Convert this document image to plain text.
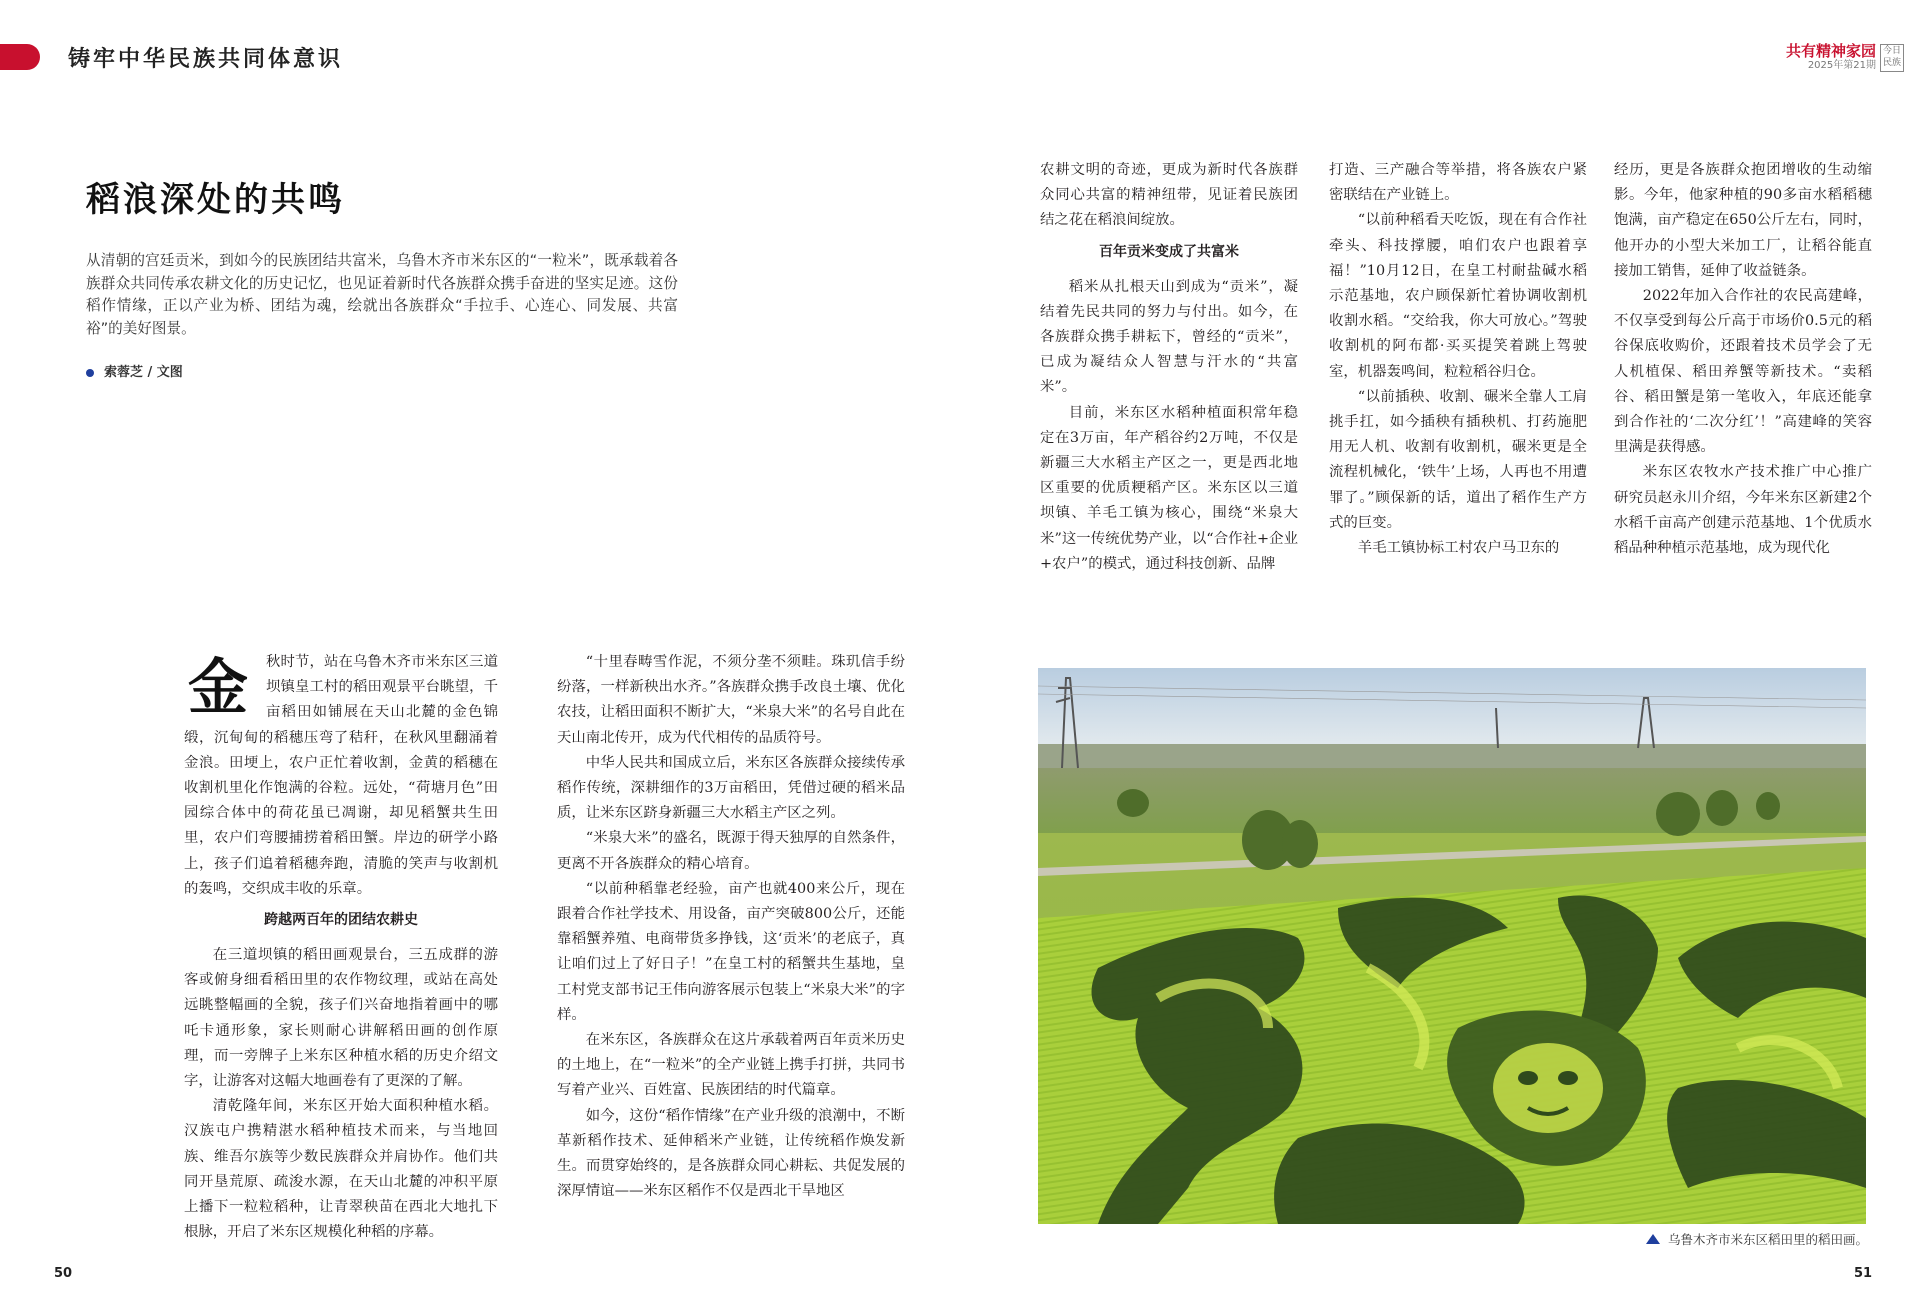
铸牢中华民族共同体意识	共有精神家园
2025年第21期
今日
民族
稻浪深处的共鸣
从清朝的宫廷贡米，到如今的民族团结共富米，乌鲁木齐市米东区的“一粒米”，既承载着各族群众共同传承农耕文化的历史记忆，也见证着新时代各族群众携手奋进的坚实足迹。这份稻作情缘，正以产业为桥、团结为魂，绘就出各族群众“手拉手、心连心、同发展、共富裕”的美好图景。
索蓉芝 / 文图

农耕文明的奇迹，更成为新时代各族群众同心共富的精神纽带，见证着民族团结之花在稻浪间绽放。

百年贡米变成了共富米

稻米从扎根天山到成为“贡米”，凝结着先民共同的努力与付出。如今，在各族群众携手耕耘下，曾经的“贡米”，已成为凝结众人智慧与汗水的“共富米”。

目前，米东区水稻种植面积常年稳定在3万亩，年产稻谷约2万吨，不仅是新疆三大水稻主产区之一，更是西北地区重要的优质粳稻产区。米东区以三道坝镇、羊毛工镇为核心，围绕“米泉大米”这一传统优势产业，以“合作社+企业+农户”的模式，通过科技创新、品牌

打造、三产融合等举措，将各族农户紧密联结在产业链上。

“以前种稻看天吃饭，现在有合作社牵头、科技撑腰，咱们农户也跟着享福！”10月12日，在皇工村耐盐碱水稻示范基地，农户顾保新忙着协调收割机收割水稻。“交给我，你大可放心。”驾驶收割机的阿布都·买买提笑着跳上驾驶室，机器轰鸣间，粒粒稻谷归仓。

“以前插秧、收割、碾米全靠人工肩挑手扛，如今插秧有插秧机、打药施肥用无人机、收割有收割机，碾米更是全流程机械化，‘铁牛’上场，人再也不用遭罪了。”顾保新的话，道出了稻作生产方式的巨变。

羊毛工镇协标工村农户马卫东的

经历，更是各族群众抱团增收的生动缩影。今年，他家种植的90多亩水稻稻穗饱满，亩产稳定在650公斤左右，同时，他开办的小型大米加工厂，让稻谷能直接加工销售，延伸了收益链条。

2022年加入合作社的农民高建峰，不仅享受到每公斤高于市场价0.5元的稻谷保底收购价，还跟着技术员学会了无人机植保、稻田养蟹等新技术。“卖稻谷、稻田蟹是第一笔收入，年底还能拿到合作社的‘二次分红’！”高建峰的笑容里满是获得感。

米东区农牧水产技术推广中心推广研究员赵永川介绍，今年米东区新建2个水稻千亩高产创建示范基地、1个优质水稻品种种植示范基地，成为现代化

金 秋时节，站在乌鲁木齐市米东区三道坝镇皇工村的稻田观景平台眺望，千亩稻田如铺展在天山北麓的金色锦缎，沉甸甸的稻穗压弯了秸秆，在秋风里翻涌着金浪。田埂上，农户正忙着收割，金黄的稻穗在收割机里化作饱满的谷粒。远处，“荷塘月色”田园综合体中的荷花虽已凋谢，却见稻蟹共生田里，农户们弯腰捕捞着稻田蟹。岸边的研学小路上，孩子们追着稻穗奔跑，清脆的笑声与收割机的轰鸣，交织成丰收的乐章。

跨越两百年的团结农耕史

在三道坝镇的稻田画观景台，三五成群的游客或俯身细看稻田里的农作物纹理，或站在高处远眺整幅画的全貌，孩子们兴奋地指着画中的哪吒卡通形象，家长则耐心讲解稻田画的创作原理，而一旁牌子上米东区种植水稻的历史介绍文字，让游客对这幅大地画卷有了更深的了解。

清乾隆年间，米东区开始大面积种植水稻。汉族屯户携精湛水稻种植技术而来，与当地回族、维吾尔族等少数民族群众并肩协作。他们共同开垦荒原、疏浚水源，在天山北麓的冲积平原上播下一粒粒稻种，让青翠秧苗在西北大地扎下根脉，开启了米东区规模化种稻的序幕。

“十里春畴雪作泥，不须分垄不须畦。珠玑信手纷纷落，一样新秧出水齐。”各族群众携手改良土壤、优化农技，让稻田面积不断扩大，“米泉大米”的名号自此在天山南北传开，成为代代相传的品质符号。

中华人民共和国成立后，米东区各族群众接续传承稻作传统，深耕细作的3万亩稻田，凭借过硬的稻米品质，让米东区跻身新疆三大水稻主产区之列。

“米泉大米”的盛名，既源于得天独厚的自然条件，更离不开各族群众的精心培育。

“以前种稻靠老经验，亩产也就400来公斤，现在跟着合作社学技术、用设备，亩产突破800公斤，还能靠稻蟹养殖、电商带货多挣钱，这‘贡米’的老底子，真让咱们过上了好日子！”在皇工村的稻蟹共生基地，皇工村党支部书记王伟向游客展示包装上“米泉大米”的字样。

在米东区，各族群众在这片承载着两百年贡米历史的土地上，在“一粒米”的全产业链上携手打拼，共同书写着产业兴、百姓富、民族团结的时代篇章。

如今，这份“稻作情缘”在产业升级的浪潮中，不断革新稻作技术、延伸稻米产业链，让传统稻作焕发新生。而贯穿始终的，是各族群众同心耕耘、共促发展的深厚情谊——米东区稻作不仅是西北干旱地区

乌鲁木齐市米东区稻田里的稻田画。
50	51
